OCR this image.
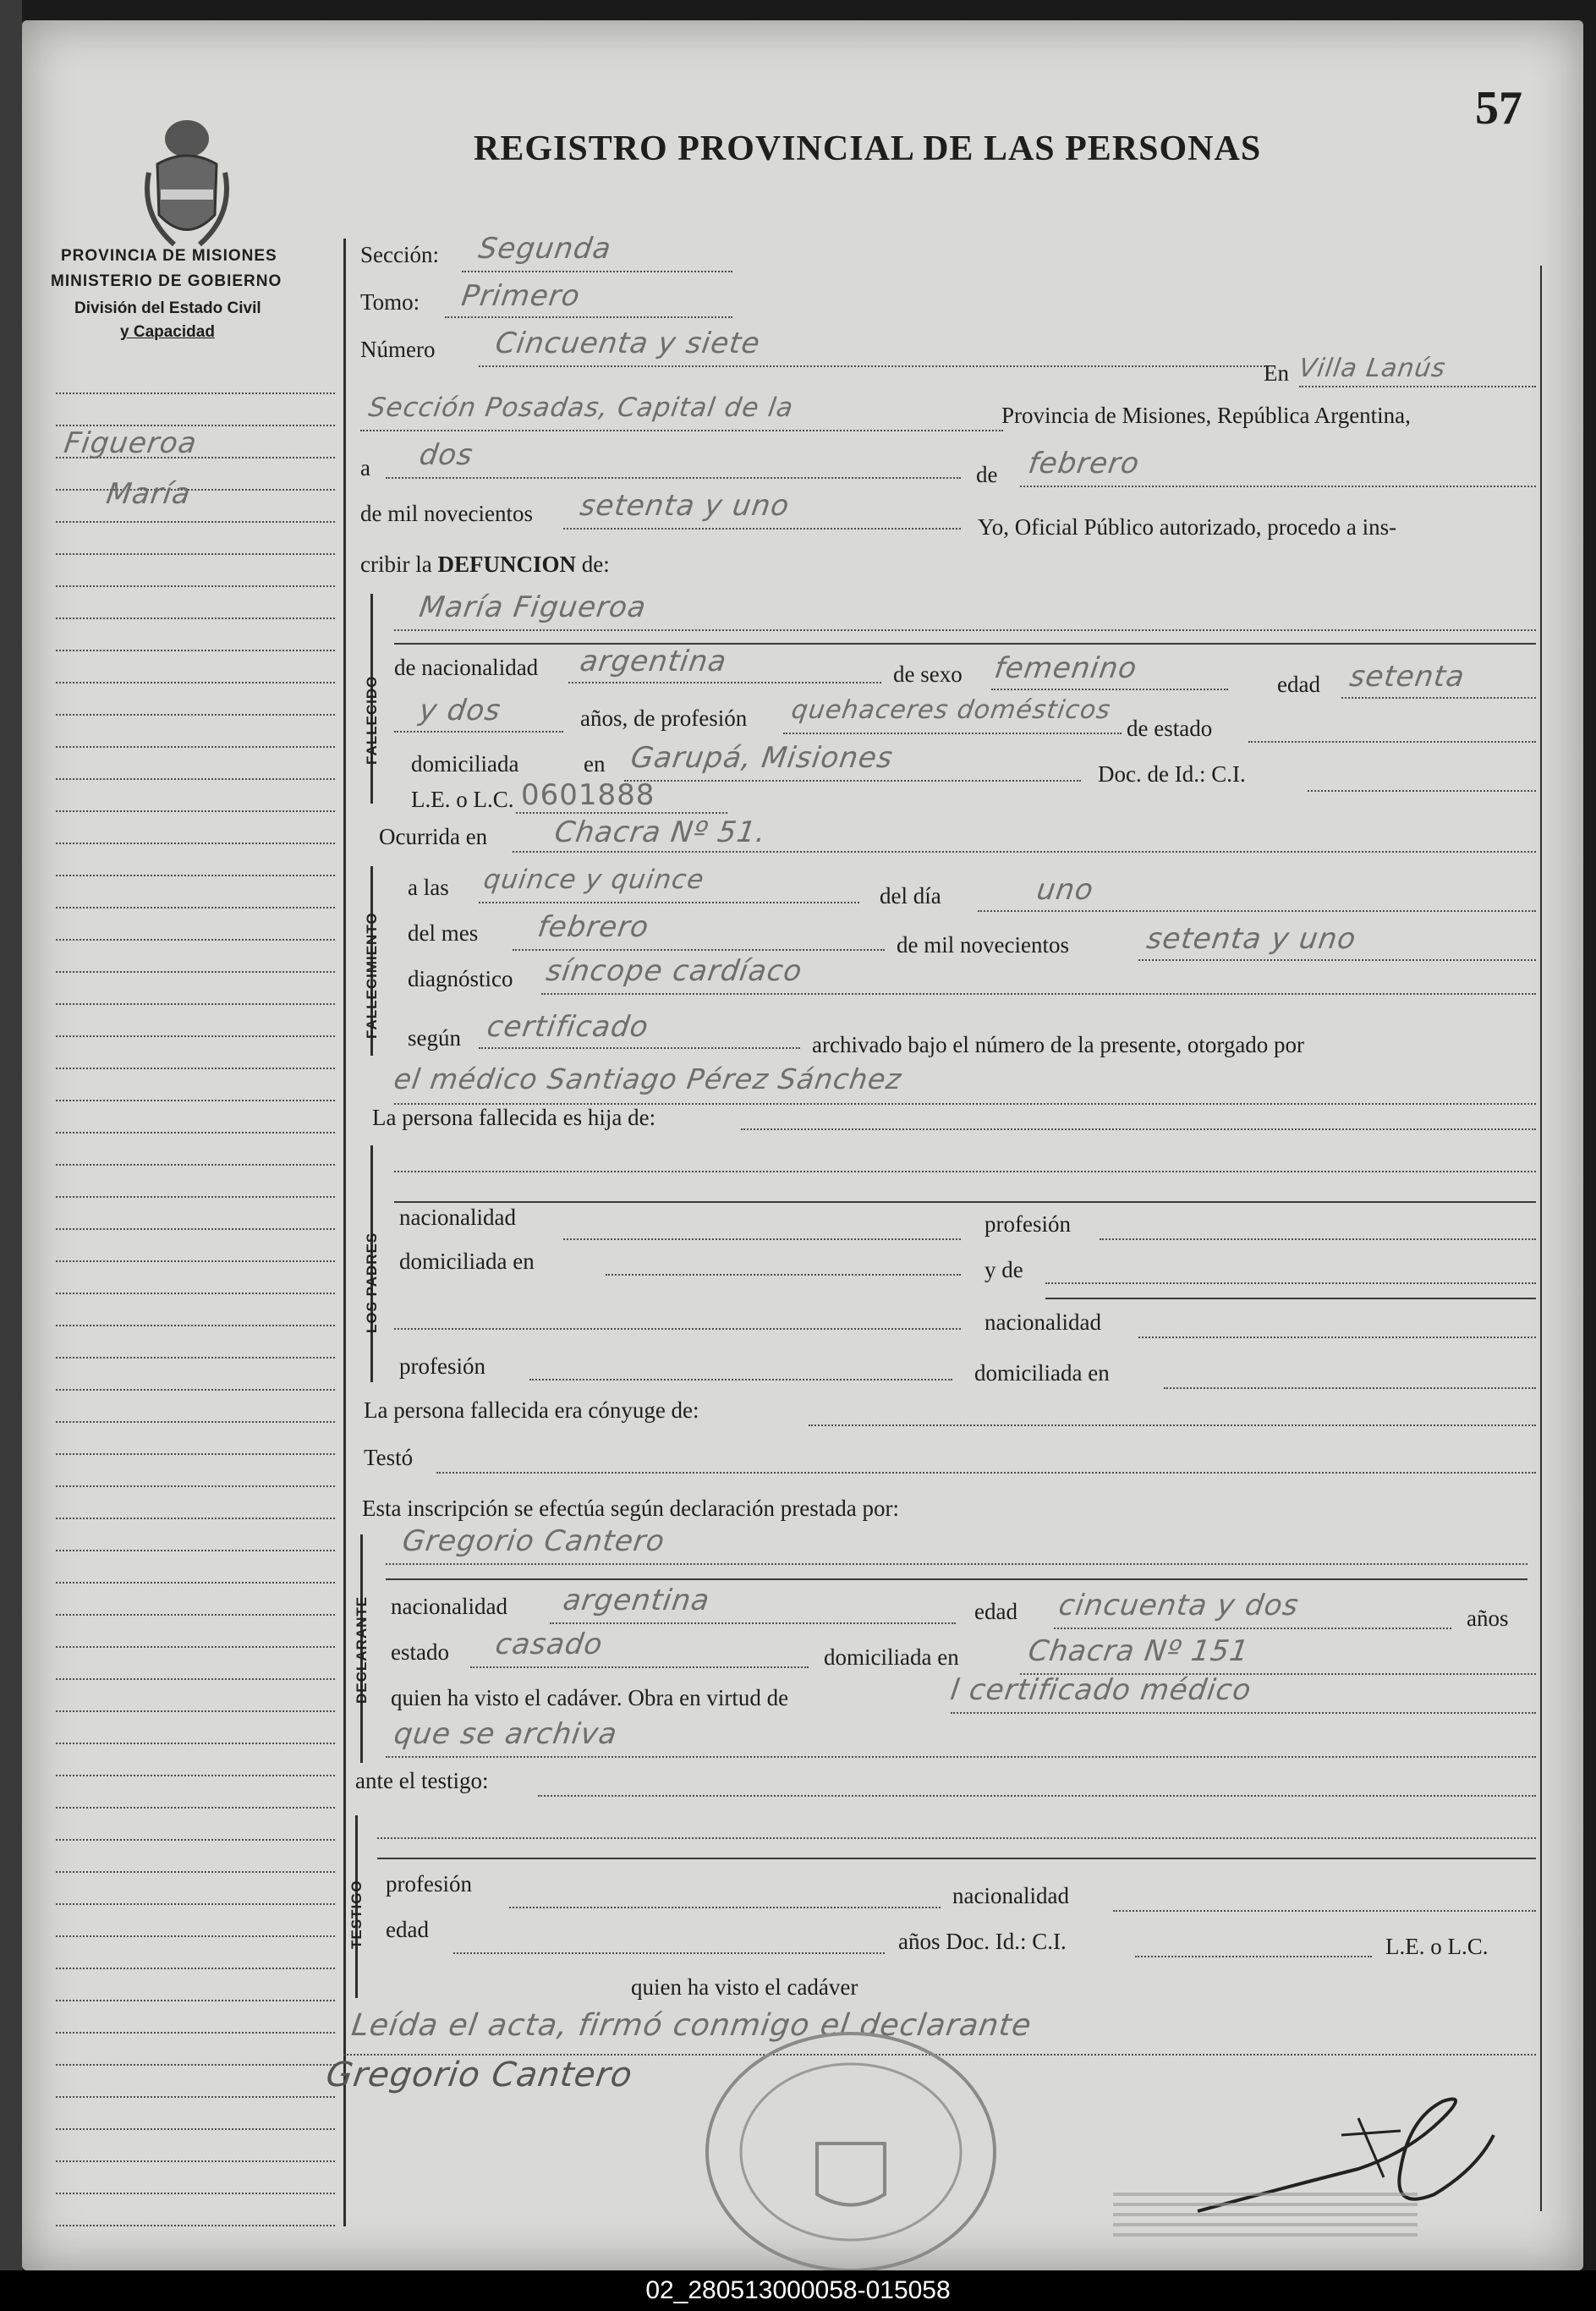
57
REGISTRO PROVINCIAL DE LAS PERSONAS
PROVINCIA DE MISIONES
MINISTERIO DE GOBIERNO
División del Estado Civil
y Capacidad
Figueroa
María
Sección: Segunda
Tomo: Primero
Número Cincuenta y siete
En Villa Lanús
Sección Posadas, Capital de la	Provincia de Misiones, República Argentina,
a dos
de febrero
de mil novecientos setenta y uno
Yo, Oficial Público autorizado, procedo a ins-
cribir la DEFUNCION de:
FALLECIDO
María Figueroa
de nacionalidad argentina	de sexo femenino	edad setenta
y dos	años, de profesión quehaceres domésticos
de estado
domiciliada	en Garupá, Misiones	Doc. de Id.: C.I.
L.E. o L.C. 0601888
Ocurrida en Chacra Nº 51.
FALLECIMIENTO
a las quince y quince
del día	uno
del mes febrero
de mil novecientos	setenta y uno
diagnóstico síncope cardíaco
según certificado
archivado bajo el número de la presente, otorgado por
el médico Santiago Pérez Sánchez
La persona fallecida es hija de:
LOS PADRES
nacionalidad	profesión
domiciliada en	y de
nacionalidad
profesión	domiciliada en
La persona fallecida era cónyuge de:
Testó
Esta inscripción se efectúa según declaración prestada por:
DECLARANTE
Gregorio Cantero
nacionalidad argentina	edad cincuenta y dos	años
estado casado	domiciliada en Chacra Nº 151
quien ha visto el cadáver. Obra en virtud de	l certificado médico
que se archiva
ante el testigo:
TESTIGO profesión	nacionalidad
edad	años Doc. Id.: C.I.	L.E. o L.C.
quien ha visto el cadáver
Leída el acta, firmó conmigo el declarante
Gregorio Cantero
02_280513000058-015058
